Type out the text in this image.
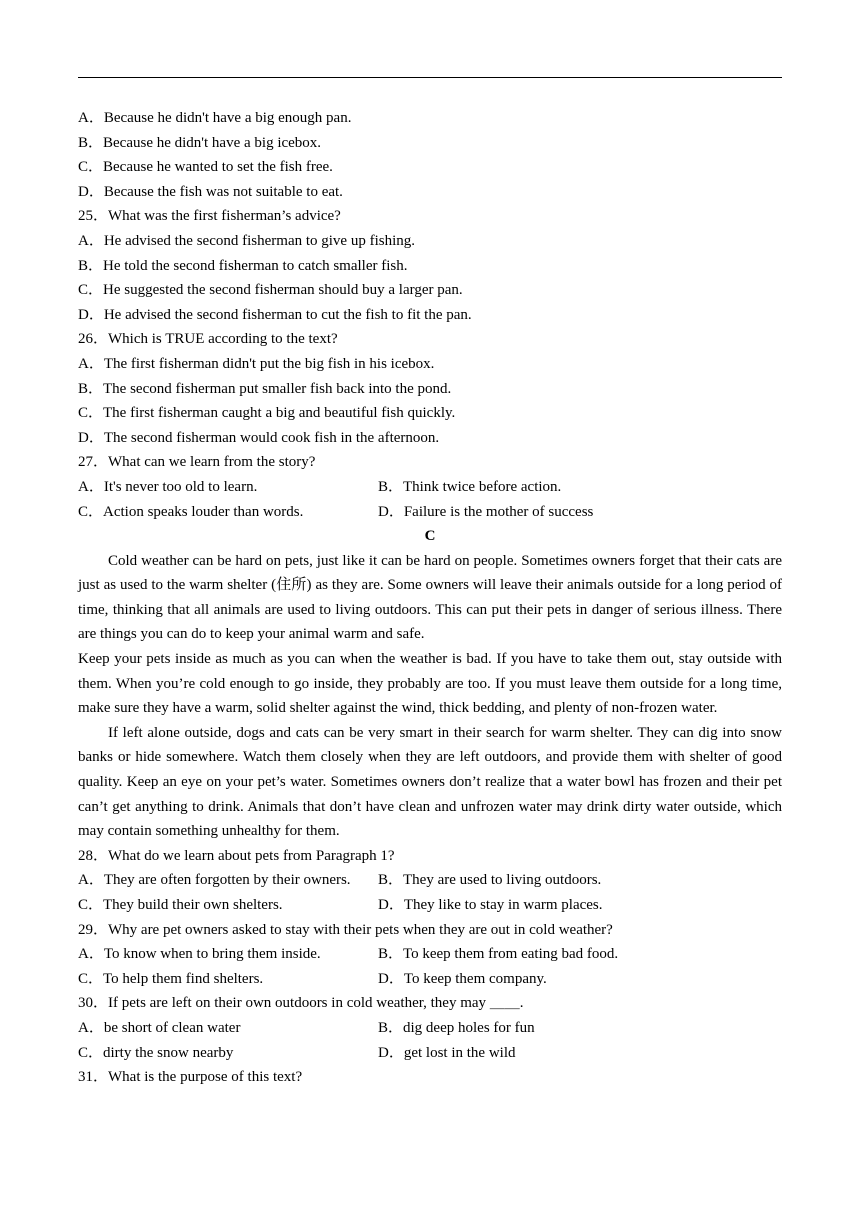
A．Because he didn't have a big enough pan.
B．Because he didn't have a big icebox.
C．Because he wanted to set the fish free.
D．Because the fish was not suitable to eat.
25．What was the first fisherman’s advice?
A．He advised the second fisherman to give up fishing.
B．He told the second fisherman to catch smaller fish.
C．He suggested the second fisherman should buy a larger pan.
D．He advised the second fisherman to cut the fish to fit the pan.
26．Which is TRUE according to the text?
A．The first fisherman didn't put the big fish in his icebox.
B．The second fisherman put smaller fish back into the pond.
C．The first fisherman caught a big and beautiful fish quickly.
D．The second fisherman would cook fish in the afternoon.
27．What can we learn from the story?
A．It's never too old to learn.	B．Think twice before action.
C．Action speaks louder than words.	D．Failure is the mother of success
C
Cold weather can be hard on pets, just like it can be hard on people. Sometimes owners forget that their cats are just as used to the warm shelter (住所) as they are. Some owners will leave their animals outside for a long period of time, thinking that all animals are used to living outdoors. This can put their pets in danger of serious illness. There are things you can do to keep your animal warm and safe.
Keep your pets inside as much as you can when the weather is bad. If you have to take them out, stay outside with them. When you’re cold enough to go inside, they probably are too. If you must leave them outside for a long time, make sure they have a warm, solid shelter against the wind, thick bedding, and plenty of non-frozen water.
If left alone outside, dogs and cats can be very smart in their search for warm shelter. They can dig into snow banks or hide somewhere. Watch them closely when they are left outdoors, and provide them with shelter of good quality. Keep an eye on your pet’s water. Sometimes owners don’t realize that a water bowl has frozen and their pet can’t get anything to drink. Animals that don’t have clean and unfrozen water may drink dirty water outside, which may contain something unhealthy for them.
28．What do we learn about pets from Paragraph 1?
A．They are often forgotten by their owners.	B．They are used to living outdoors.
C．They build their own shelters.	D．They like to stay in warm places.
29．Why are pet owners asked to stay with their pets when they are out in cold weather?
A．To know when to bring them inside.	B．To keep them from eating bad food.
C．To help them find shelters.	D．To keep them company.
30．If pets are left on their own outdoors in cold weather, they may ＿＿.
A．be short of clean water	B．dig deep holes for fun
C．dirty the snow nearby	D．get lost in the wild
31．What is the purpose of this text?
